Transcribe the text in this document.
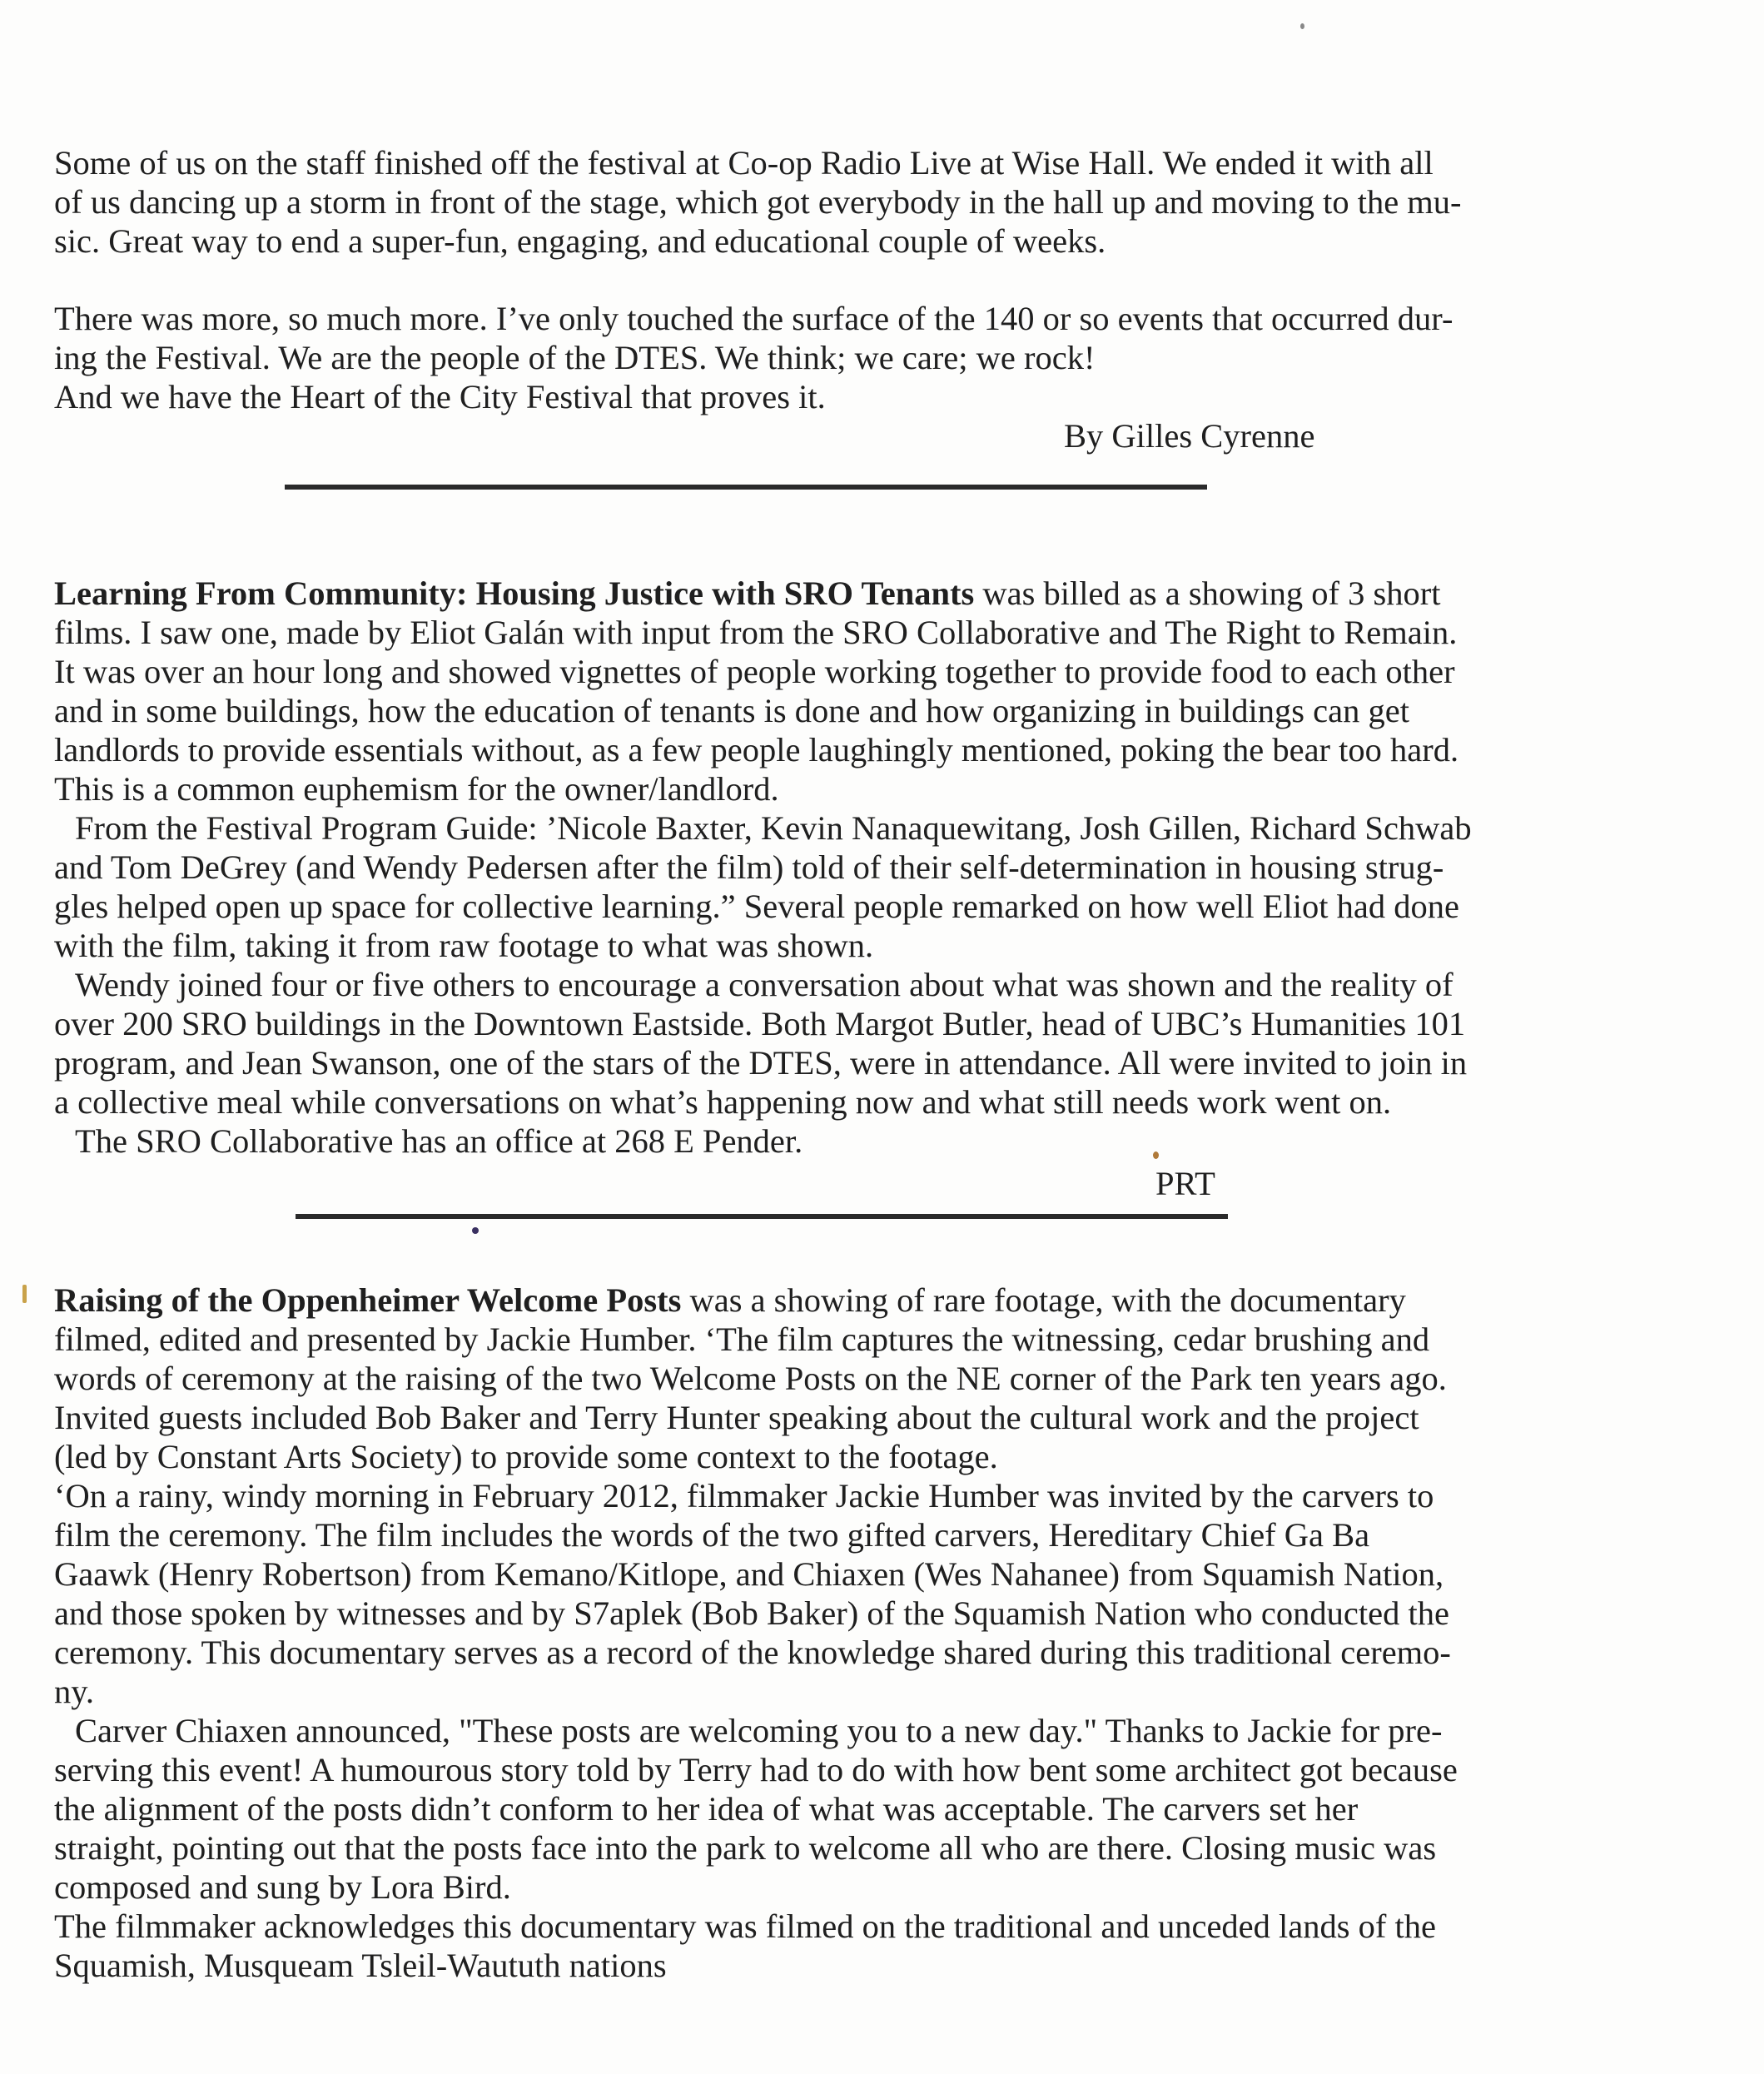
Some of us on the staff finished off the festival at Co-op Radio Live at Wise Hall. We ended it with all
of us dancing up a storm in front of the stage, which got everybody in the hall up and moving to the mu-
sic. Great way to end a super-fun, engaging, and educational couple of weeks.
There was more, so much more. I’ve only touched the surface of the 140 or so events that occurred dur-
ing the Festival. We are the people of the DTES. We think; we care; we rock!
And we have the Heart of the City Festival that proves it.
By Gilles Cyrenne
Learning From Community: Housing Justice with SRO Tenants was billed as a showing of 3 short
films. I saw one, made by Eliot Galán with input from the SRO Collaborative and The Right to Remain.
It was over an hour long and showed vignettes of people working together to provide food to each other
and in some buildings, how the education of tenants is done and how organizing in buildings can get
landlords to provide essentials without, as a few people laughingly mentioned, poking the bear too hard.
This is a common euphemism for the owner/landlord.
From the Festival Program Guide: ’Nicole Baxter, Kevin Nanaquewitang, Josh Gillen, Richard Schwab
and Tom DeGrey (and Wendy Pedersen after the film) told of their self-determination in housing strug-
gles helped open up space for collective learning.” Several people remarked on how well Eliot had done
with the film, taking it from raw footage to what was shown.
Wendy joined four or five others to encourage a conversation about what was shown and the reality of
over 200 SRO buildings in the Downtown Eastside. Both Margot Butler, head of UBC’s Humanities 101
program, and Jean Swanson, one of the stars of the DTES, were in attendance. All were invited to join in
a collective meal while conversations on what’s happening now and what still needs work went on.
The SRO Collaborative has an office at 268 E Pender.
PRT
Raising of the Oppenheimer Welcome Posts was a showing of rare footage, with the documentary
filmed, edited and presented by Jackie Humber. ‘The film captures the witnessing, cedar brushing and
words of ceremony at the raising of the two Welcome Posts on the NE corner of the Park ten years ago.
Invited guests included Bob Baker and Terry Hunter speaking about the cultural work and the project
(led by Constant Arts Society) to provide some context to the footage.
‘On a rainy, windy morning in February 2012, filmmaker Jackie Humber was invited by the carvers to
film the ceremony. The film includes the words of the two gifted carvers, Hereditary Chief Ga Ba
Gaawk (Henry Robertson) from Kemano/Kitlope, and Chiaxen (Wes Nahanee) from Squamish Nation,
and those spoken by witnesses and by S7aplek (Bob Baker) of the Squamish Nation who conducted the
ceremony. This documentary serves as a record of the knowledge shared during this traditional ceremo-
ny.
Carver Chiaxen announced, "These posts are welcoming you to a new day." Thanks to Jackie for pre-
serving this event! A humourous story told by Terry had to do with how bent some architect got because
the alignment of the posts didn’t conform to her idea of what was acceptable. The carvers set her
straight, pointing out that the posts face into the park to welcome all who are there. Closing music was
composed and sung by Lora Bird.
The filmmaker acknowledges this documentary was filmed on the traditional and unceded lands of the
Squamish, Musqueam Tsleil-Waututh nations
